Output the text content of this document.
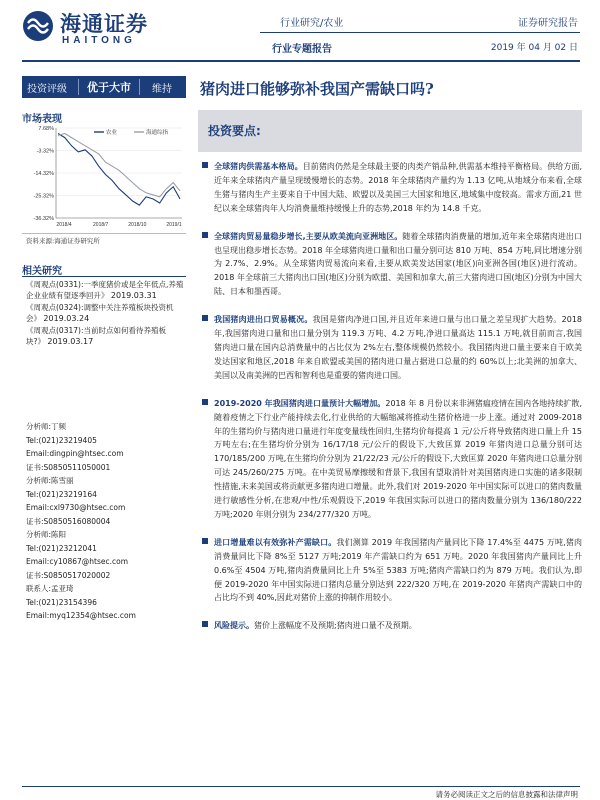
海通证券
HAITONG
行业研究/农业
行业专题报告
证券研究报告
2019 年 04 月 02 日
投资评级	优于大市	维持 猪肉进口能够弥补我国产需缺口吗?
市场表现
7.68%
-3.32%
-14.32%
-25.32%
-36.32%
2018/4	2018/7	2018/10	2019/1
农业	海通综指
资料来源:海通证券研究所
相关研究
《周观点(0331):一季度猪价或是全年低点,养殖企业业绩有望逐季回升》 2019.03.31
《周观点(0324):调整中关注养殖板块投资机会》 2019.03.24
《周观点(0317):当前时点如何看待养殖板块?》 2019.03.17
分析师:丁频
Tel:(021)23219405
Email:dingpin@htsec.com
证书:S0850511050001
分析师:陈雪丽
Tel:(021)23219164
Email:cxl9730@htsec.com
证书:S0850516080004
分析师:陈阳
Tel:(021)23212041
Email:cy10867@htsec.com
证书:S0850517020002
联系人:孟亚琦
Tel:(021)23154396
Email:myq12354@htsec.com
投资要点:
全球猪肉供需基本格局。目前猪肉仍然是全球最主要的肉类产销品种,供需基本维持平衡格局。供给方面,近年来全球猪肉产量呈现缓慢增长的态势。2018 年全球猪肉产量约为 1.13 亿吨,从地域分布来看,全球生猪与猪肉生产主要来自于中国大陆、欧盟以及美国三大国家和地区,地域集中度较高。需求方面,21 世纪以来全球猪肉年人均消费量维持缓慢上升的态势,2018 年约为 14.8 千克。
全球猪肉贸易量稳步增长,主要从欧美流向亚洲地区。随着全球猪肉消费量的增加,近年来全球猪肉进出口也呈现出稳步增长态势。2018 年全球猪肉进口量和出口量分别可达 810 万吨、854 万吨,同比增速分别为 2.7%、2.9%。从全球猪肉贸易流向来看,主要从欧美发达国家(地区)向亚洲各国(地区)进行流动。2018 年全球前三大猪肉出口国(地区)分别为欧盟、美国和加拿大,前三大猪肉进口国(地区)分别为中国大陆、日本和墨西哥。
我国猪肉进出口贸易概况。我国是猪肉净进口国,并且近年来进口量与出口量之差呈现扩大趋势。2018 年,我国猪肉进口量和出口量分别为 119.3 万吨、4.2 万吨,净进口量高达 115.1 万吨,就目前而言,我国猪肉进口量在国内总消费量中的占比仅为 2%左右,整体规模仍然较小。我国猪肉进口量主要来自于欧美发达国家和地区,2018 年来自欧盟或美国的猪肉进口量占据进口总量的约 60%以上;北美洲的加拿大、美国以及南美洲的巴西和智利也是重要的猪肉进口国。
2019-2020 年我国猪肉进口量预计大幅增加。2018 年 8 月份以来非洲猪瘟疫情在国内各地持续扩散,随着疫情之下行业产能持续去化,行业供给的大幅缩减将推动生猪价格进一步上涨。通过对 2009-2018 年的生猪均价与猪肉进口量进行年度变量线性回归,生猪均价每提高 1 元/公斤将导致猪肉进口量上升 15 万吨左右;在生猪均价分别为 16/17/18 元/公斤的假设下,大致匡算 2019 年猪肉进口总量分别可达 170/185/200 万吨,在生猪均价分别为 21/22/23 元/公斤的假设下,大致匡算 2020 年猪肉进口总量分别可达 245/260/275 万吨。在中美贸易摩擦缓和背景下,我国有望取消针对美国猪肉进口实施的诸多限制性措施,未来美国或将贡献更多猪肉进口增量。此外,我们对 2019-2020 年中国实际可以进口的猪肉数量进行敏感性分析,在悲观/中性/乐观假设下,2019 年我国实际可以进口的猪肉数量分别为 136/180/222 万吨;2020 年则分别为 234/277/320 万吨。
进口增量难以有效弥补产需缺口。我们测算 2019 年我国猪肉产量同比下降 17.4%至 4475 万吨,猪肉消费量同比下降 8%至 5127 万吨;2019 年产需缺口约为 651 万吨。2020 年我国猪肉产量同比上升 0.6%至 4504 万吨,猪肉消费量同比上升 5%至 5383 万吨;猪肉产需缺口约为 879 万吨。我们认为,即便 2019-2020 年中国实际进口猪肉总量分别达到 222/320 万吨,在 2019-2020 年猪肉产需缺口中的占比均不到 40%,因此对猪价上涨的抑制作用较小。
风险提示。猪价上涨幅度不及预期;猪肉进口量不及预期。
请务必阅读正文之后的信息披露和法律声明
